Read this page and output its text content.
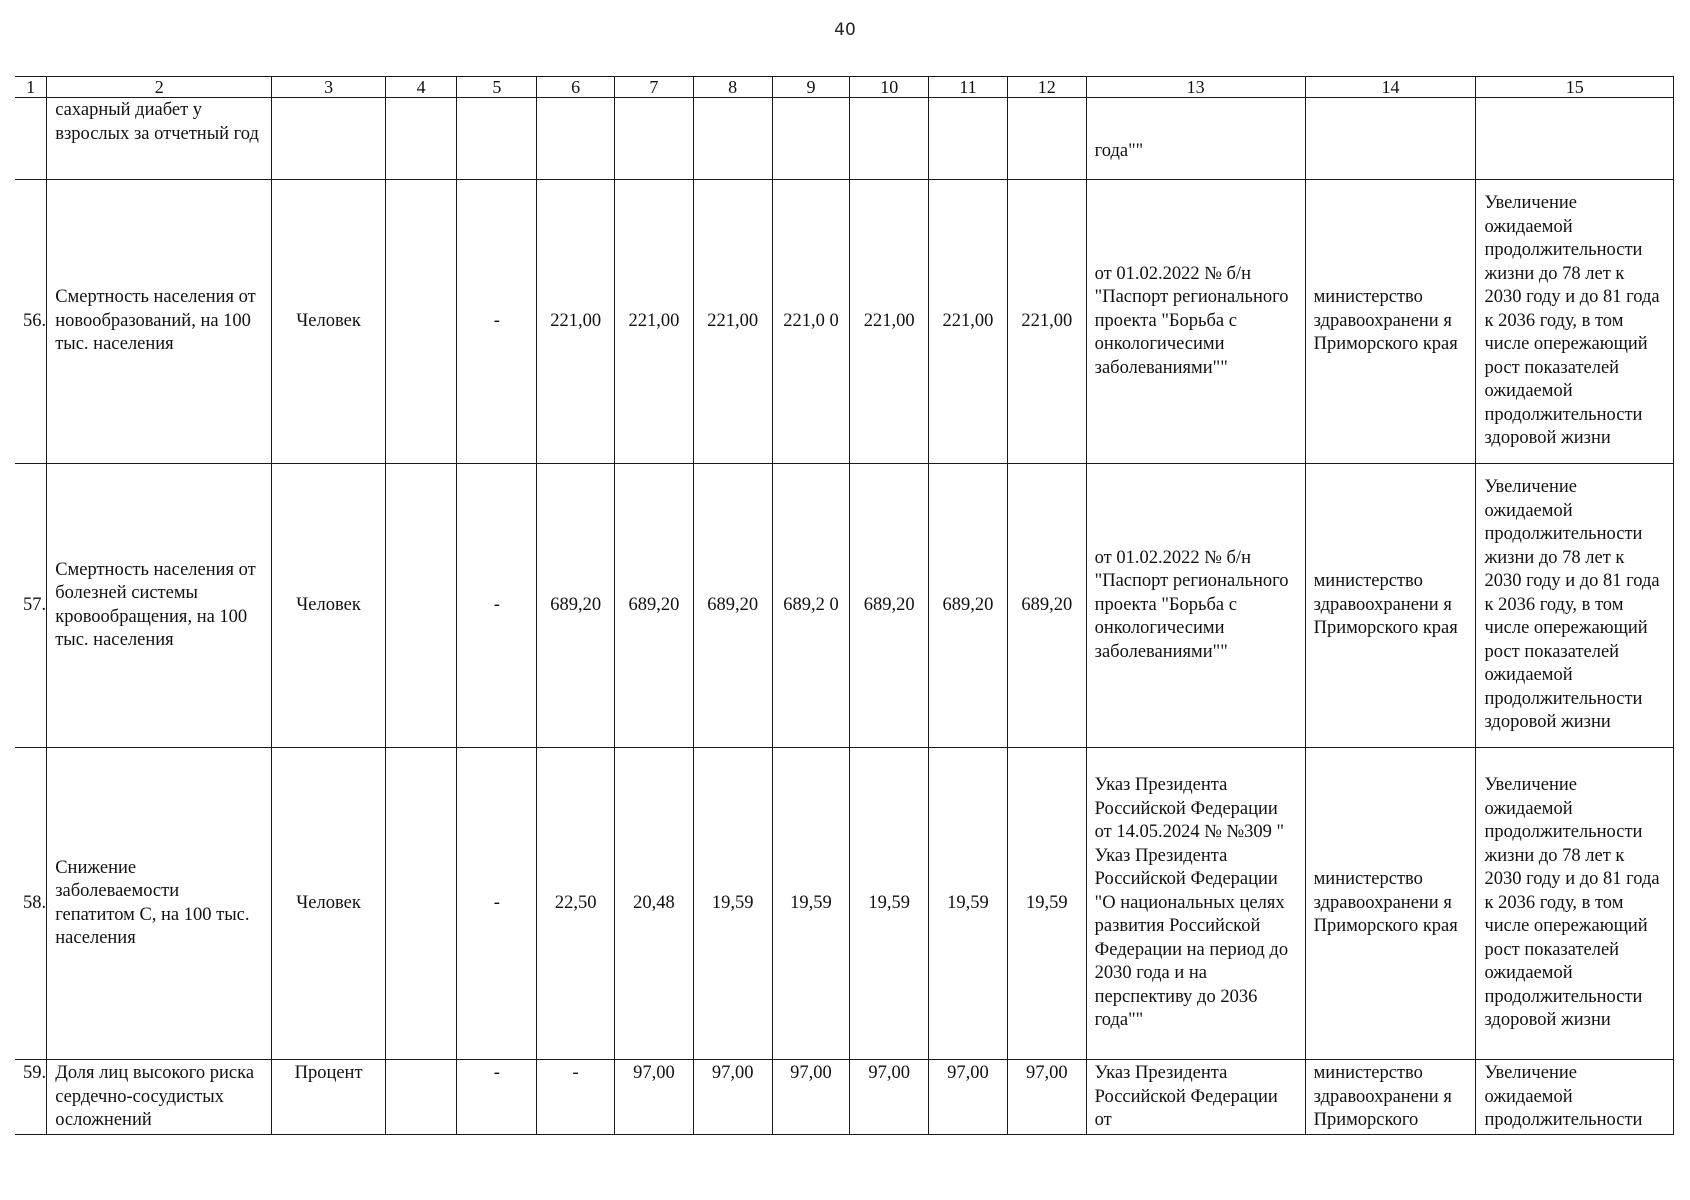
40
1	2	3	4	5	6	7	8	9	10	11	12	13	14	15
	сахарный диабет у взрослых за отчетный год											года""		
56.	Смертность населения от новообразований, на 100 тыс. населения	Человек		-	221,00	221,00	221,00	221,0 0	221,00	221,00	221,00	от 01.02.2022 № б/н "Паспорт регионального проекта "Борьба с онкологичесими заболеваниями""	министерство здравоохранени я Приморского края	Увеличение ожидаемой продолжительности жизни до 78 лет к 2030 году и до 81 года к 2036 году, в том числе опережающий рост показателей ожидаемой продолжительности здоровой жизни
57.	Смертность населения от болезней системы кровообращения, на 100 тыс. населения	Человек		-	689,20	689,20	689,20	689,2 0	689,20	689,20	689,20	от 01.02.2022 № б/н "Паспорт регионального проекта "Борьба с онкологичесими заболеваниями""	министерство здравоохранени я Приморского края	Увеличение ожидаемой продолжительности жизни до 78 лет к 2030 году и до 81 года к 2036 году, в том числе опережающий рост показателей ожидаемой продолжительности здоровой жизни
58.	Снижение заболеваемости гепатитом С, на 100 тыс. населения	Человек		-	22,50	20,48	19,59	19,59	19,59	19,59	19,59	Указ Президента Российской Федерации от 14.05.2024 № №309 " Указ Президента Российской Федерации "О национальных целях развития Российской Федерации на период до 2030 года и на перспективу до 2036 года""	министерство здравоохранени я Приморского края	Увеличение ожидаемой продолжительности жизни до 78 лет к 2030 году и до 81 года к 2036 году, в том числе опережающий рост показателей ожидаемой продолжительности здоровой жизни
59.	Доля лиц высокого риска сердечно-сосудистых осложнений	Процент		-	-	97,00	97,00	97,00	97,00	97,00	97,00	Указ Президента Российской Федерации от	министерство здравоохранени я Приморского	Увеличение ожидаемой продолжительности
